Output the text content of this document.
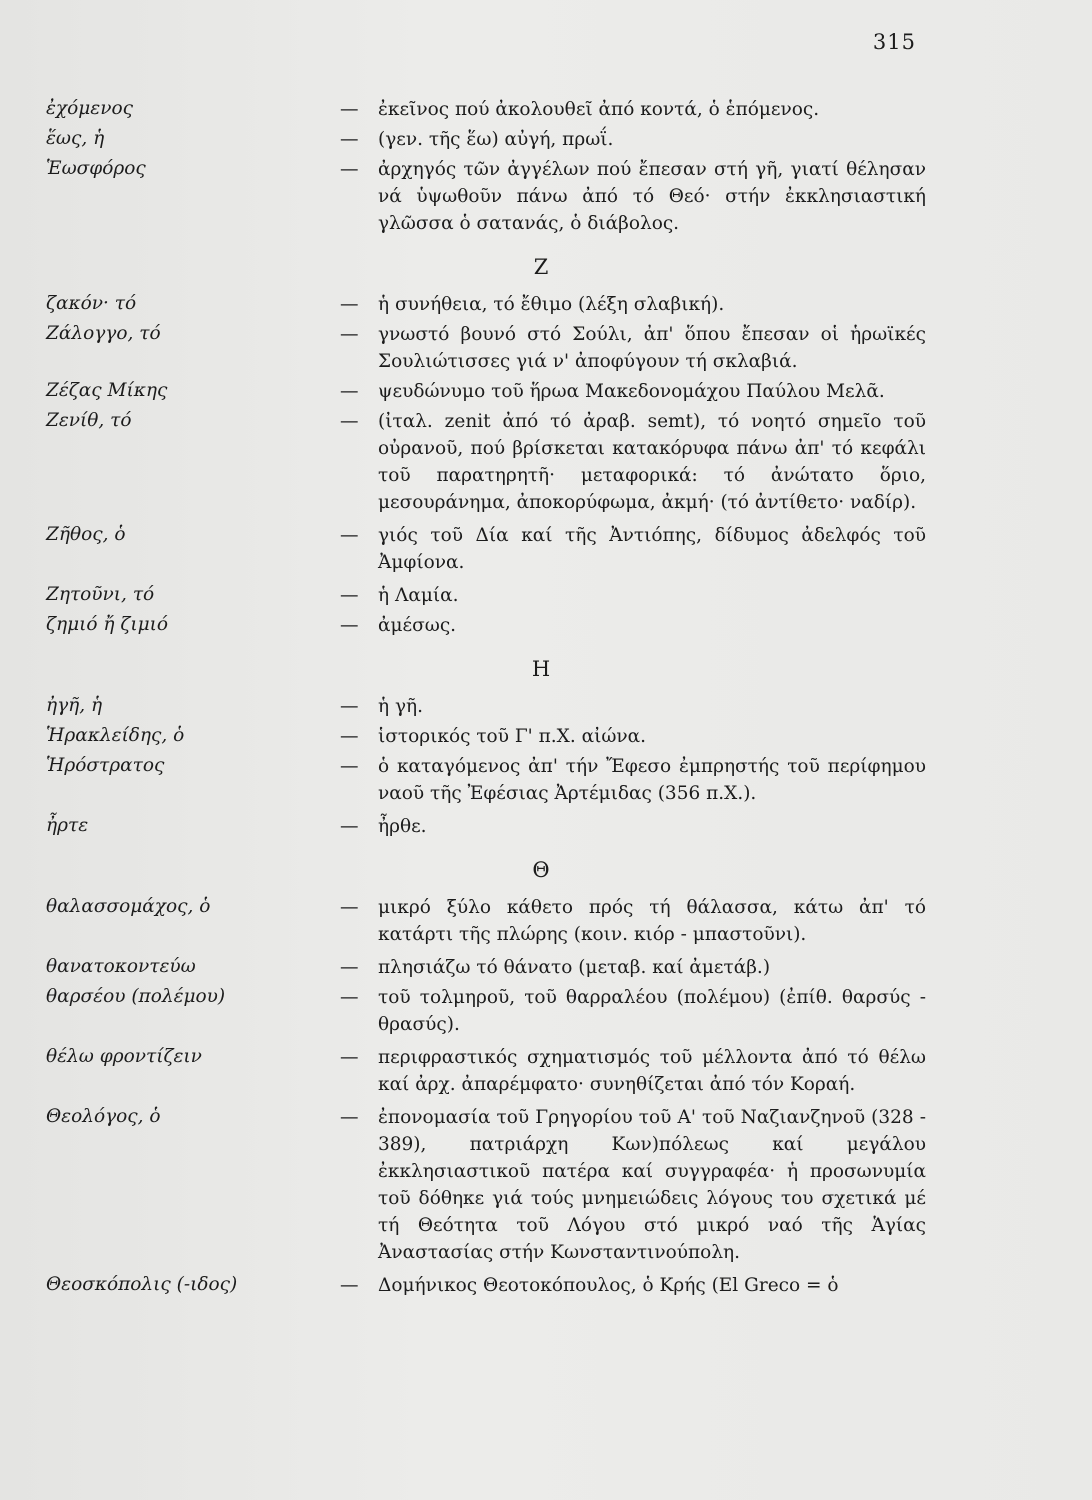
315
ἐχόμενος	—	ἐκεῖνος πού ἀκολουθεῖ ἀπό κοντά, ὁ ἑπόμενος.
ἕως, ἡ	—	(γεν. τῆς ἕω) αὐγή, πρωΐ.
Ἑωσφόρος	—	ἀρχηγός τῶν ἀγγέλων πού ἔπεσαν στή γῆ, γιατί θέλησαν νά ὑψωθοῦν πάνω ἀπό τό Θεό· στήν ἐκκλησιαστική γλῶσσα ὁ σατανάς, ὁ διάβολος.
Ζ
ζακόν· τό	—	ἡ συνήθεια, τό ἔθιμο (λέξη σλαβική).
Ζάλογγο, τό	—	γνωστό βουνό στό Σούλι, ἀπ' ὅπου ἔπεσαν οἱ ἡρωϊκές Σουλιώτισσες γιά ν' ἀποφύγουν τή σκλαβιά.
Ζέζας Μίκης	—	ψευδώνυμο τοῦ ἥρωα Μακεδονομάχου Παύλου Μελᾶ.
Ζενίθ, τό	—	(ἰταλ. zenit ἀπό τό ἀραβ. semt), τό νοητό σημεῖο τοῦ οὐρανοῦ, πού βρίσκεται κατακόρυφα πάνω ἀπ' τό κεφάλι τοῦ παρατηρητῆ· μεταφορικά: τό ἀνώτατο ὅριο, μεσουράνημα, ἀποκορύφωμα, ἀκμή· (τό ἀντίθετο· ναδίρ).
Ζῆθος, ὁ	—	γιός τοῦ Δία καί τῆς Ἀντιόπης, δίδυμος ἀδελφός τοῦ Ἀμφίονα.
Ζητοῦνι, τό	—	ἡ Λαμία.
ζημιό ἤ ζιμιό	—	ἀμέσως.
Η
ἠγῆ, ἡ	—	ἡ γῆ.
Ἡρακλείδης, ὁ	—	ἱστορικός τοῦ Γ' π.Χ. αἰώνα.
Ἡρόστρατος	—	ὁ καταγόμενος ἀπ' τήν Ἔφεσο ἐμπρηστής τοῦ περίφημου ναοῦ τῆς Ἐφέσιας Ἀρτέμιδας (356 π.Χ.).
ἦρτε	—	ἦρθε.
Θ
θαλασσομάχος, ὁ	—	μικρό ξύλο κάθετο πρός τή θάλασσα, κάτω ἀπ' τό κατάρτι τῆς πλώρης (κοιν. κιόρ - μπαστοῦνι).
θανατοκοντεύω	—	πλησιάζω τό θάνατο (μεταβ. καί ἀμετάβ.)
θαρσέου (πολέμου)	—	τοῦ τολμηροῦ, τοῦ θαρραλέου (πολέμου) (ἐπίθ. θαρσύς - θρασύς).
θέλω φροντίζειν	—	περιφραστικός σχηματισμός τοῦ μέλλοντα ἀπό τό θέλω καί ἀρχ. ἀπαρέμφατο· συνηθίζεται ἀπό τόν Κοραή.
Θεολόγος, ὁ	—	ἐπονομασία τοῦ Γρηγορίου τοῦ Α' τοῦ Ναζιανζηνοῦ (328 - 389), πατριάρχη Κων)πόλεως καί μεγάλου ἐκκλησιαστικοῦ πατέρα καί συγγραφέα· ἡ προσωνυμία τοῦ δόθηκε γιά τούς μνημειώδεις λόγους του σχετικά μέ τή Θεότητα τοῦ Λόγου στό μικρό ναό τῆς Ἁγίας Ἀναστασίας στήν Κωνσταντινούπολη.
Θεοσκόπολις (-ιδος)	—	Δομήνικος Θεοτοκόπουλος, ὁ Κρής (El Greco = ὁ
